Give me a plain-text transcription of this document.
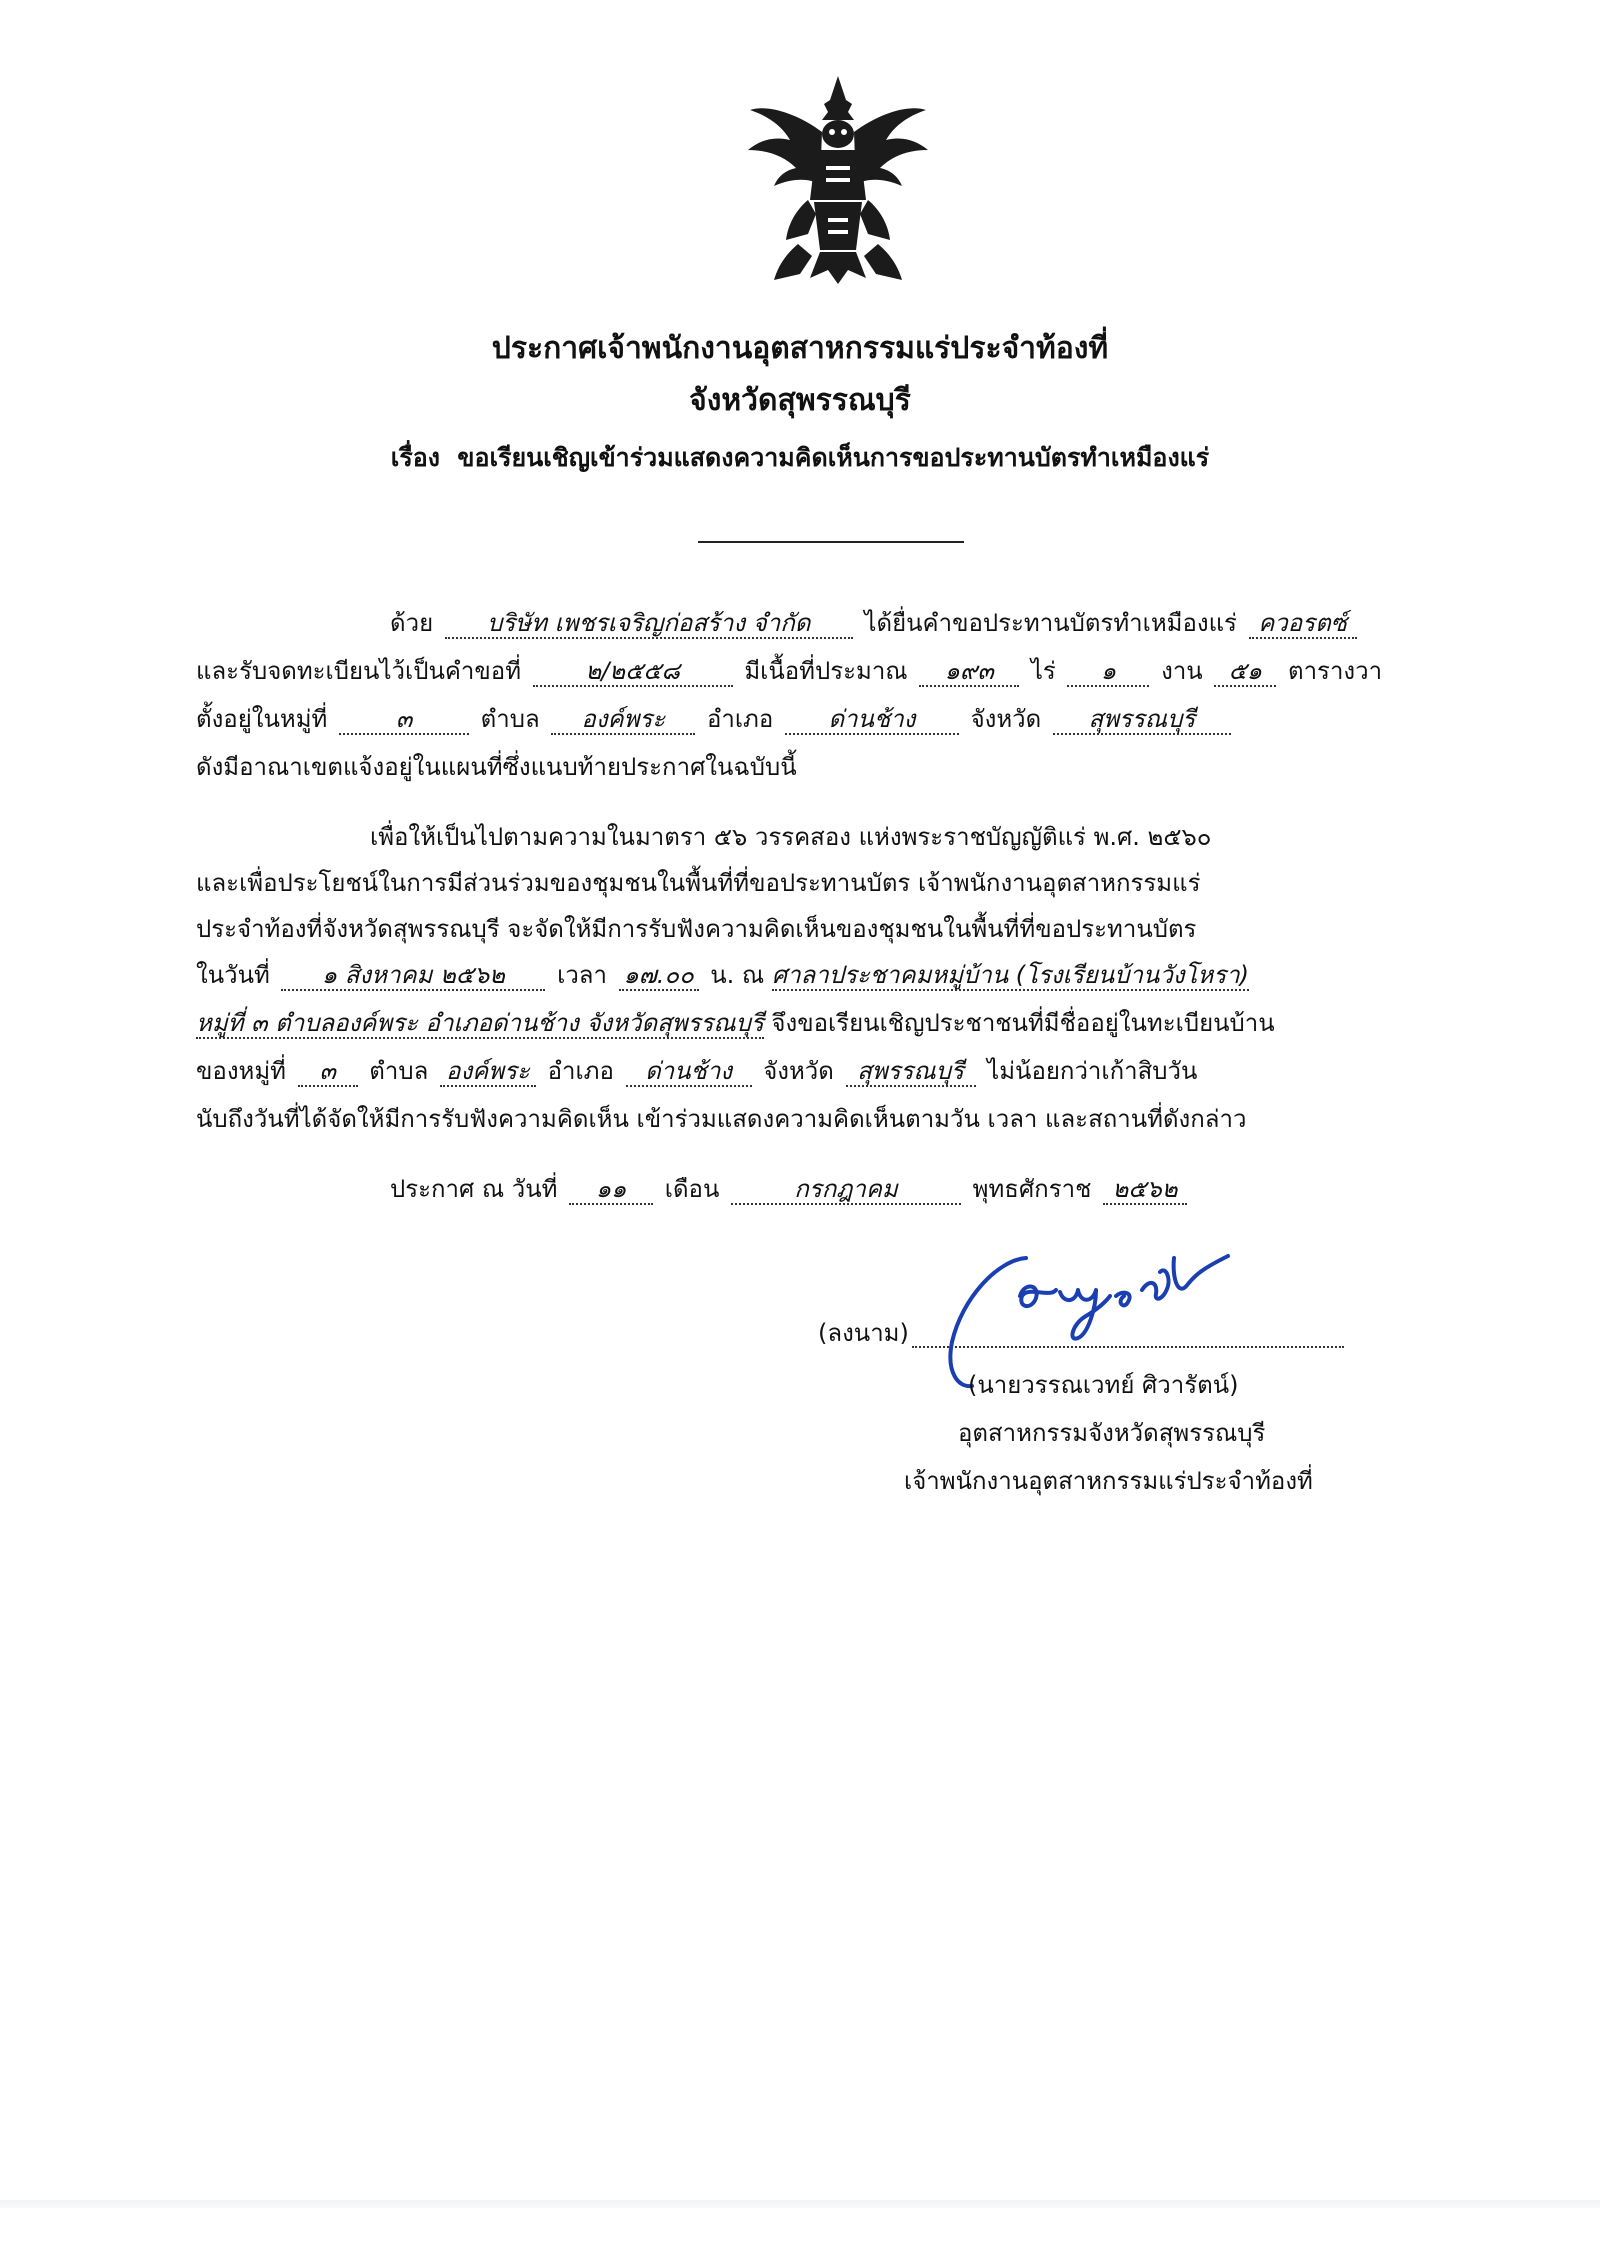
ประกาศเจ้าพนักงานอุตสาหกรรมแร่ประจำท้องที่
จังหวัดสุพรรณบุรี
เรื่อง ขอเรียนเชิญเข้าร่วมแสดงความคิดเห็นการขอประทานบัตรทำเหมืองแร่
ด้วย บริษัท เพชรเจริญก่อสร้าง จำกัด ได้ยื่นคำขอประทานบัตรทำเหมืองแร่ ควอรตซ์
และรับจดทะเบียนไว้เป็นคำขอที่	๒/๒๕๕๘	มีเนื้อที่ประมาณ ๑๙๓ ไร่ ๑ งาน ๕๑ ตารางวา
ตั้งอยู่ในหมู่ที่	๓	ตำบล องค์พระ อำเภอ ด่านช้าง จังหวัด สุพรรณบุรี
ดังมีอาณาเขตแจ้งอยู่ในแผนที่ซึ่งแนบท้ายประกาศในฉบับนี้
เพื่อให้เป็นไปตามความในมาตรา ๕๖ วรรคสอง แห่งพระราชบัญญัติแร่ พ.ศ. ๒๕๖๐
และเพื่อประโยชน์ในการมีส่วนร่วมของชุมชนในพื้นที่ที่ขอประทานบัตร เจ้าพนักงานอุตสาหกรรมแร่
ประจำท้องที่จังหวัดสุพรรณบุรี จะจัดให้มีการรับฟังความคิดเห็นของชุมชนในพื้นที่ที่ขอประทานบัตร
ในวันที่ ๑ สิงหาคม ๒๕๖๒ เวลา ๑๗.๐๐ น. ณ ศาลาประชาคมหมู่บ้าน (โรงเรียนบ้านวังโหรา)
หมู่ที่ ๓ ตำบลองค์พระ อำเภอด่านช้าง จังหวัดสุพรรณบุรี จึงขอเรียนเชิญประชาชนที่มีชื่ออยู่ในทะเบียนบ้าน
ของหมู่ที่ ๓ ตำบล องค์พระ อำเภอ ด่านช้าง จังหวัด สุพรรณบุรี ไม่น้อยกว่าเก้าสิบวัน
นับถึงวันที่ได้จัดให้มีการรับฟังความคิดเห็น เข้าร่วมแสดงความคิดเห็นตามวัน เวลา และสถานที่ดังกล่าว
ประกาศ ณ วันที่ ๑๑ เดือน	กรกฎาคม	พุทธศักราช ๒๕๖๒
(ลงนาม)
(นายวรรณเวทย์ ศิวารัตน์)
อุตสาหกรรมจังหวัดสุพรรณบุรี
เจ้าพนักงานอุตสาหกรรมแร่ประจำท้องที่
